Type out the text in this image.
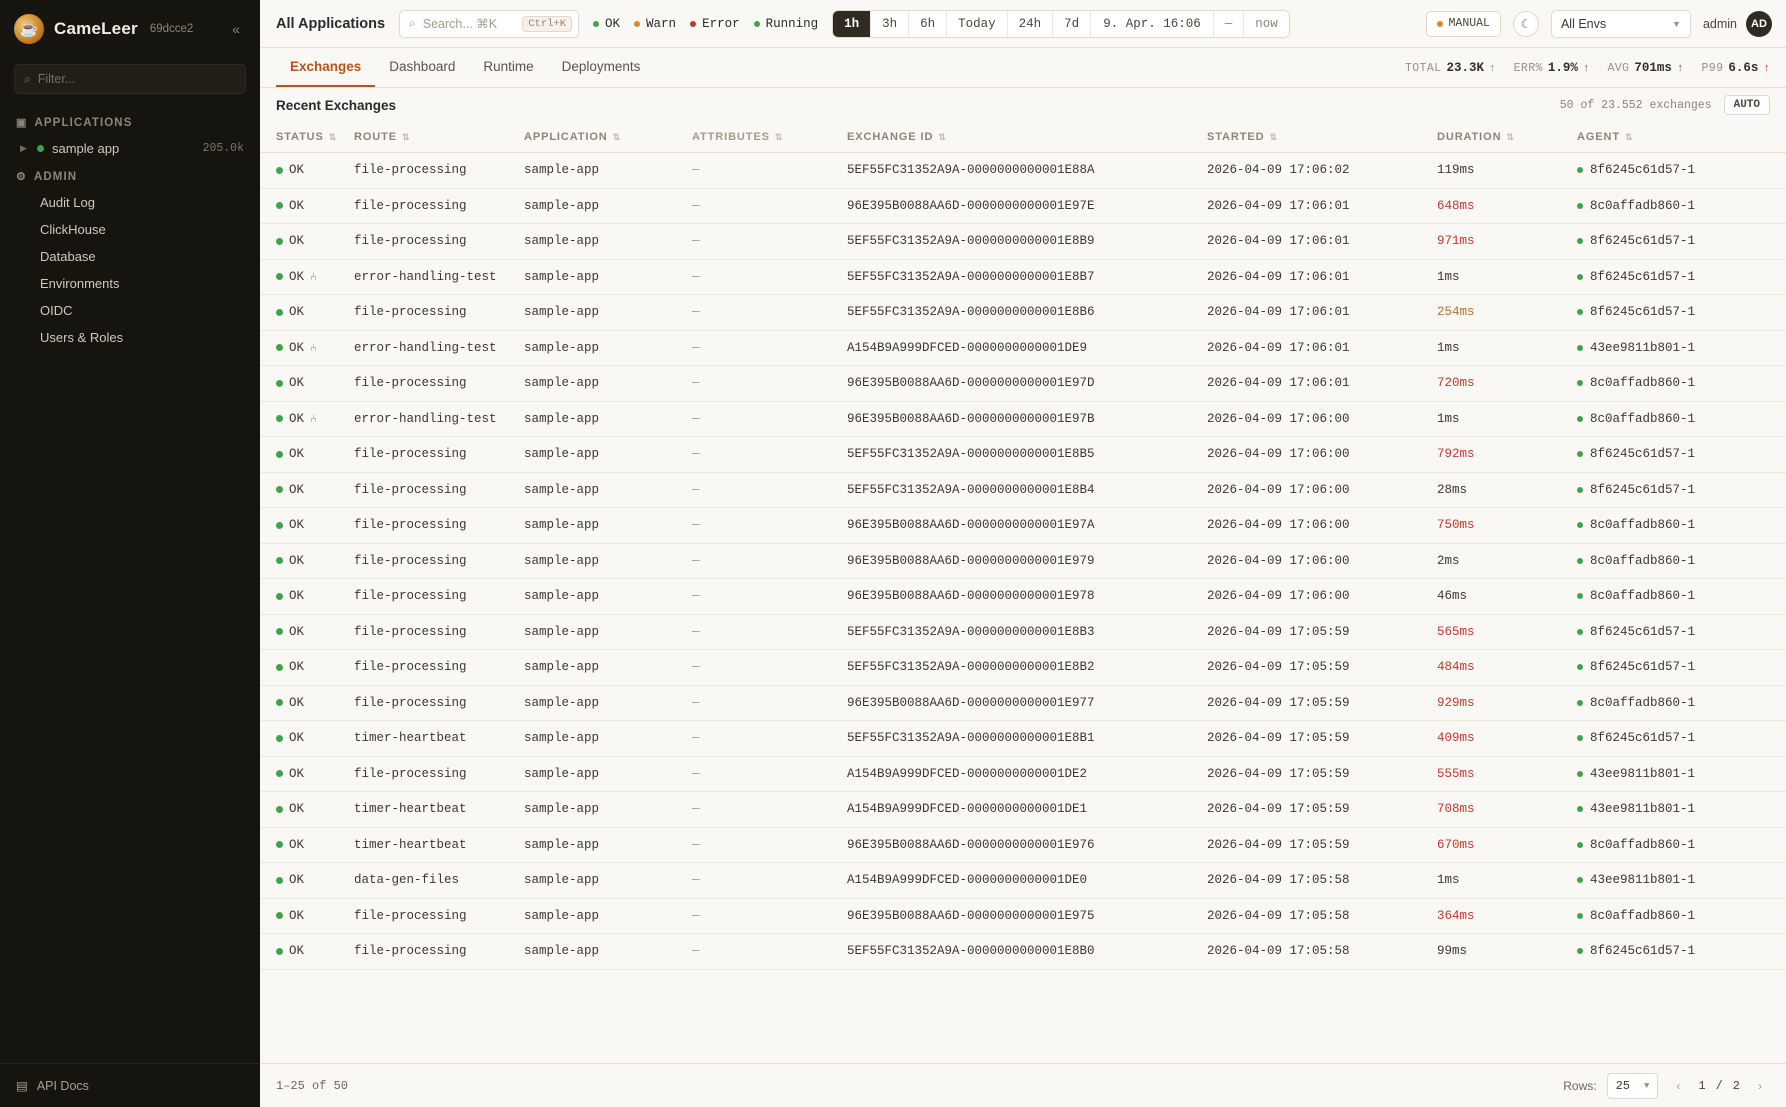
☕ CameLeer 69dcce2	«
⌕
Filter...
▣ APPLICATIONS
▶ sample app	205.0k
⚙ ADMIN
Audit Log
ClickHouse
Database
Environments
OIDC
Users & Roles
▤ API Docs
All Applications ⌕ Search... ⌘K	Ctrl+K	OK Warn Error Running	1h	3h	6h	Today	24h	7d	9. Apr. 16:06	—	now	MANUAL	☾	All Envs	▼ admin	AD
Exchanges	Dashboard	Runtime	Deployments	TOTAL 23.3K ↑ ERR% 1.9% ↑ AVG 701ms ↑ P99 6.6s ↑
Recent Exchanges	50 of 23.552 exchanges	AUTO
STATUS ⇅	ROUTE ⇅	APPLICATION ⇅	ATTRIBUTES ⇅	EXCHANGE ID ⇅	STARTED ⇅	DURATION ⇅	AGENT ⇅

OK	file-processing	sample-app	—	5EF55FC31352A9A-0000000000001E88A	2026-04-09 17:06:02	119ms	8f6245c61d57-1

OK	file-processing	sample-app	—	96E395B0088AA6D-0000000000001E97E	2026-04-09 17:06:01	648ms	8c0affadb860-1

OK	file-processing	sample-app	—	5EF55FC31352A9A-0000000000001E8B9	2026-04-09 17:06:01	971ms	8f6245c61d57-1

OK ⑃	error-handling-test	sample-app	—	5EF55FC31352A9A-0000000000001E8B7	2026-04-09 17:06:01	1ms	8f6245c61d57-1

OK	file-processing	sample-app	—	5EF55FC31352A9A-0000000000001E8B6	2026-04-09 17:06:01	254ms	8f6245c61d57-1

OK ⑃	error-handling-test	sample-app	—	A154B9A999DFCED-0000000000001DE9	2026-04-09 17:06:01	1ms	43ee9811b801-1

OK	file-processing	sample-app	—	96E395B0088AA6D-0000000000001E97D	2026-04-09 17:06:01	720ms	8c0affadb860-1

OK ⑃	error-handling-test	sample-app	—	96E395B0088AA6D-0000000000001E97B	2026-04-09 17:06:00	1ms	8c0affadb860-1

OK	file-processing	sample-app	—	5EF55FC31352A9A-0000000000001E8B5	2026-04-09 17:06:00	792ms	8f6245c61d57-1

OK	file-processing	sample-app	—	5EF55FC31352A9A-0000000000001E8B4	2026-04-09 17:06:00	28ms	8f6245c61d57-1

OK	file-processing	sample-app	—	96E395B0088AA6D-0000000000001E97A	2026-04-09 17:06:00	750ms	8c0affadb860-1

OK	file-processing	sample-app	—	96E395B0088AA6D-0000000000001E979	2026-04-09 17:06:00	2ms	8c0affadb860-1

OK	file-processing	sample-app	—	96E395B0088AA6D-0000000000001E978	2026-04-09 17:06:00	46ms	8c0affadb860-1

OK	file-processing	sample-app	—	5EF55FC31352A9A-0000000000001E8B3	2026-04-09 17:05:59	565ms	8f6245c61d57-1

OK	file-processing	sample-app	—	5EF55FC31352A9A-0000000000001E8B2	2026-04-09 17:05:59	484ms	8f6245c61d57-1

OK	file-processing	sample-app	—	96E395B0088AA6D-0000000000001E977	2026-04-09 17:05:59	929ms	8c0affadb860-1

OK	timer-heartbeat	sample-app	—	5EF55FC31352A9A-0000000000001E8B1	2026-04-09 17:05:59	409ms	8f6245c61d57-1

OK	file-processing	sample-app	—	A154B9A999DFCED-0000000000001DE2	2026-04-09 17:05:59	555ms	43ee9811b801-1

OK	timer-heartbeat	sample-app	—	A154B9A999DFCED-0000000000001DE1	2026-04-09 17:05:59	708ms	43ee9811b801-1

OK	timer-heartbeat	sample-app	—	96E395B0088AA6D-0000000000001E976	2026-04-09 17:05:59	670ms	8c0affadb860-1

OK	data-gen-files	sample-app	—	A154B9A999DFCED-0000000000001DE0	2026-04-09 17:05:58	1ms	43ee9811b801-1

OK	file-processing	sample-app	—	96E395B0088AA6D-0000000000001E975	2026-04-09 17:05:58	364ms	8c0affadb860-1

OK	file-processing	sample-app	—	5EF55FC31352A9A-0000000000001E8B0	2026-04-09 17:05:58	99ms	8f6245c61d57-1
1–25 of 50	Rows: 25 ▼	‹	1 / 2	›
